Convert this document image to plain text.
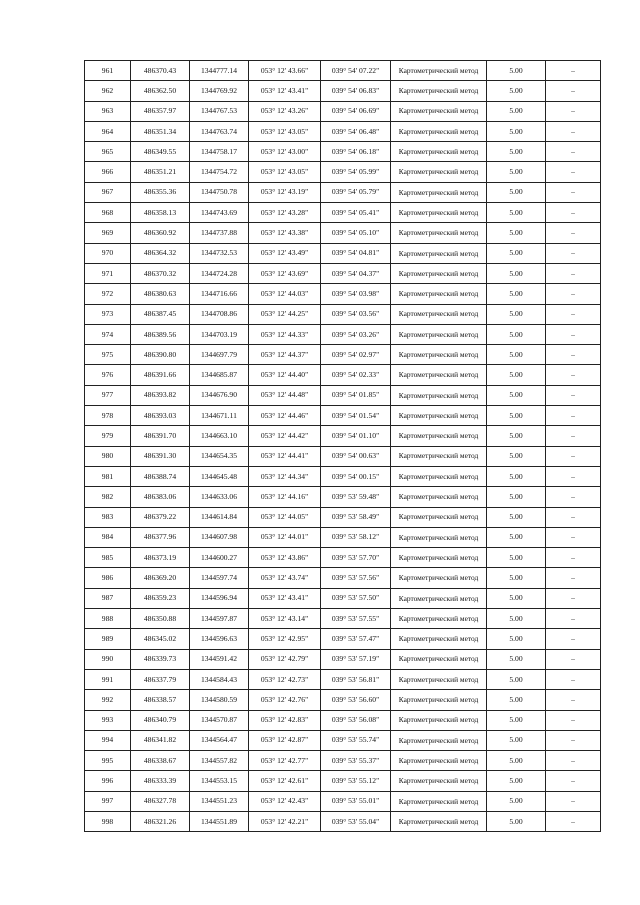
961	486370.43	1344777.14	053° 12' 43.66"	039° 54' 07.22"	Картометрический метод	5.00	–
962	486362.50	1344769.92	053° 12' 43.41"	039° 54' 06.83"	Картометрический метод	5.00	–
963	486357.97	1344767.53	053° 12' 43.26"	039° 54' 06.69"	Картометрический метод	5.00	–
964	486351.34	1344763.74	053° 12' 43.05"	039° 54' 06.48"	Картометрический метод	5.00	–
965	486349.55	1344758.17	053° 12' 43.00"	039° 54' 06.18"	Картометрический метод	5.00	–
966	486351.21	1344754.72	053° 12' 43.05"	039° 54' 05.99"	Картометрический метод	5.00	–
967	486355.36	1344750.78	053° 12' 43.19"	039° 54' 05.79"	Картометрический метод	5.00	–
968	486358.13	1344743.69	053° 12' 43.28"	039° 54' 05.41"	Картометрический метод	5.00	–
969	486360.92	1344737.88	053° 12' 43.38"	039° 54' 05.10"	Картометрический метод	5.00	–
970	486364.32	1344732.53	053° 12' 43.49"	039° 54' 04.81"	Картометрический метод	5.00	–
971	486370.32	1344724.28	053° 12' 43.69"	039° 54' 04.37"	Картометрический метод	5.00	–
972	486380.63	1344716.66	053° 12' 44.03"	039° 54' 03.98"	Картометрический метод	5.00	–
973	486387.45	1344708.86	053° 12' 44.25"	039° 54' 03.56"	Картометрический метод	5.00	–
974	486389.56	1344703.19	053° 12' 44.33"	039° 54' 03.26"	Картометрический метод	5.00	–
975	486390.80	1344697.79	053° 12' 44.37"	039° 54' 02.97"	Картометрический метод	5.00	–
976	486391.66	1344685.87	053° 12' 44.40"	039° 54' 02.33"	Картометрический метод	5.00	–
977	486393.82	1344676.90	053° 12' 44.48"	039° 54' 01.85"	Картометрический метод	5.00	–
978	486393.03	1344671.11	053° 12' 44.46"	039° 54' 01.54"	Картометрический метод	5.00	–
979	486391.70	1344663.10	053° 12' 44.42"	039° 54' 01.10"	Картометрический метод	5.00	–
980	486391.30	1344654.35	053° 12' 44.41"	039° 54' 00.63"	Картометрический метод	5.00	–
981	486388.74	1344645.48	053° 12' 44.34"	039° 54' 00.15"	Картометрический метод	5.00	–
982	486383.06	1344633.06	053° 12' 44.16"	039° 53' 59.48"	Картометрический метод	5.00	–
983	486379.22	1344614.84	053° 12' 44.05"	039° 53' 58.49"	Картометрический метод	5.00	–
984	486377.96	1344607.98	053° 12' 44.01"	039° 53' 58.12"	Картометрический метод	5.00	–
985	486373.19	1344600.27	053° 12' 43.86"	039° 53' 57.70"	Картометрический метод	5.00	–
986	486369.20	1344597.74	053° 12' 43.74"	039° 53' 57.56"	Картометрический метод	5.00	–
987	486359.23	1344596.94	053° 12' 43.41"	039° 53' 57.50"	Картометрический метод	5.00	–
988	486350.88	1344597.87	053° 12' 43.14"	039° 53' 57.55"	Картометрический метод	5.00	–
989	486345.02	1344596.63	053° 12' 42.95"	039° 53' 57.47"	Картометрический метод	5.00	–
990	486339.73	1344591.42	053° 12' 42.79"	039° 53' 57.19"	Картометрический метод	5.00	–
991	486337.79	1344584.43	053° 12' 42.73"	039° 53' 56.81"	Картометрический метод	5.00	–
992	486338.57	1344580.59	053° 12' 42.76"	039° 53' 56.60"	Картометрический метод	5.00	–
993	486340.79	1344570.87	053° 12' 42.83"	039° 53' 56.08"	Картометрический метод	5.00	–
994	486341.82	1344564.47	053° 12' 42.87"	039° 53' 55.74"	Картометрический метод	5.00	–
995	486338.67	1344557.82	053° 12' 42.77"	039° 53' 55.37"	Картометрический метод	5.00	–
996	486333.39	1344553.15	053° 12' 42.61"	039° 53' 55.12"	Картометрический метод	5.00	–
997	486327.78	1344551.23	053° 12' 42.43"	039° 53' 55.01"	Картометрический метод	5.00	–
998	486321.26	1344551.89	053° 12' 42.21"	039° 53' 55.04"	Картометрический метод	5.00	–
